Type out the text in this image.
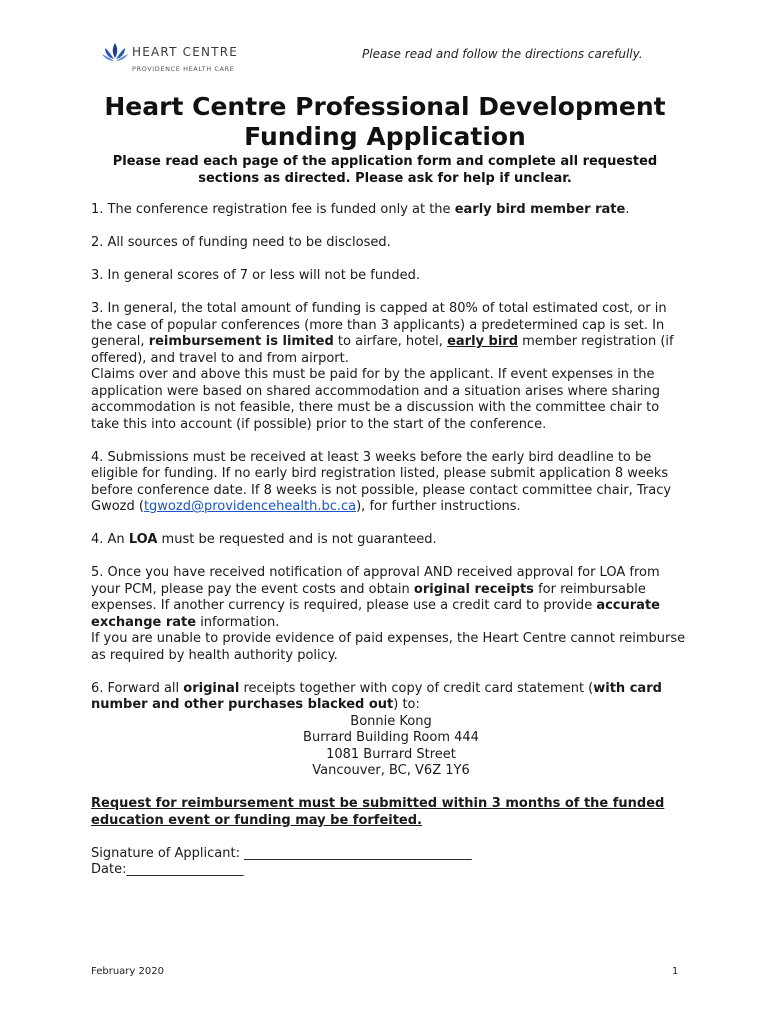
HEART CENTRE
PROVIDENCE HEALTH CARE
Please read and follow the directions carefully.
Heart Centre Professional Development
Funding Application
Please read each page of the application form and complete all requested
sections as directed. Please ask for help if unclear.

1. The conference registration fee is funded only at the early bird member rate.

2. All sources of funding need to be disclosed.

3. In general scores of 7 or less will not be funded.

3. In general, the total amount of funding is capped at 80% of total estimated cost, or in the case of popular conferences (more than 3 applicants) a predetermined cap is set. In general, reimbursement is limited to airfare, hotel, early bird member registration (if offered), and travel to and from airport.
Claims over and above this must be paid for by the applicant. If event expenses in the application were based on shared accommodation and a situation arises where sharing accommodation is not feasible, there must be a discussion with the committee chair to take this into account (if possible) prior to the start of the conference.

4. Submissions must be received at least 3 weeks before the early bird deadline to be eligible for funding. If no early bird registration listed, please submit application 8 weeks before conference date. If 8 weeks is not possible, please contact committee chair, Tracy Gwozd (tgwozd@providencehealth.bc.ca), for further instructions.

4. An LOA must be requested and is not guaranteed.

5. Once you have received notification of approval AND received approval for LOA from your PCM, please pay the event costs and obtain original receipts for reimbursable expenses. If another currency is required, please use a credit card to provide accurate exchange rate information.
If you are unable to provide evidence of paid expenses, the Heart Centre cannot reimburse as required by health authority policy.

6. Forward all original receipts together with copy of credit card statement (with card number and other purchases blacked out) to:
Bonnie Kong
Burrard Building Room 444
1081 Burrard Street
Vancouver, BC, V6Z 1Y6

Request for reimbursement must be submitted within 3 months of the funded education event or funding may be forfeited.

Signature of Applicant: ___________________________________
Date:__________________
February 2020	1
